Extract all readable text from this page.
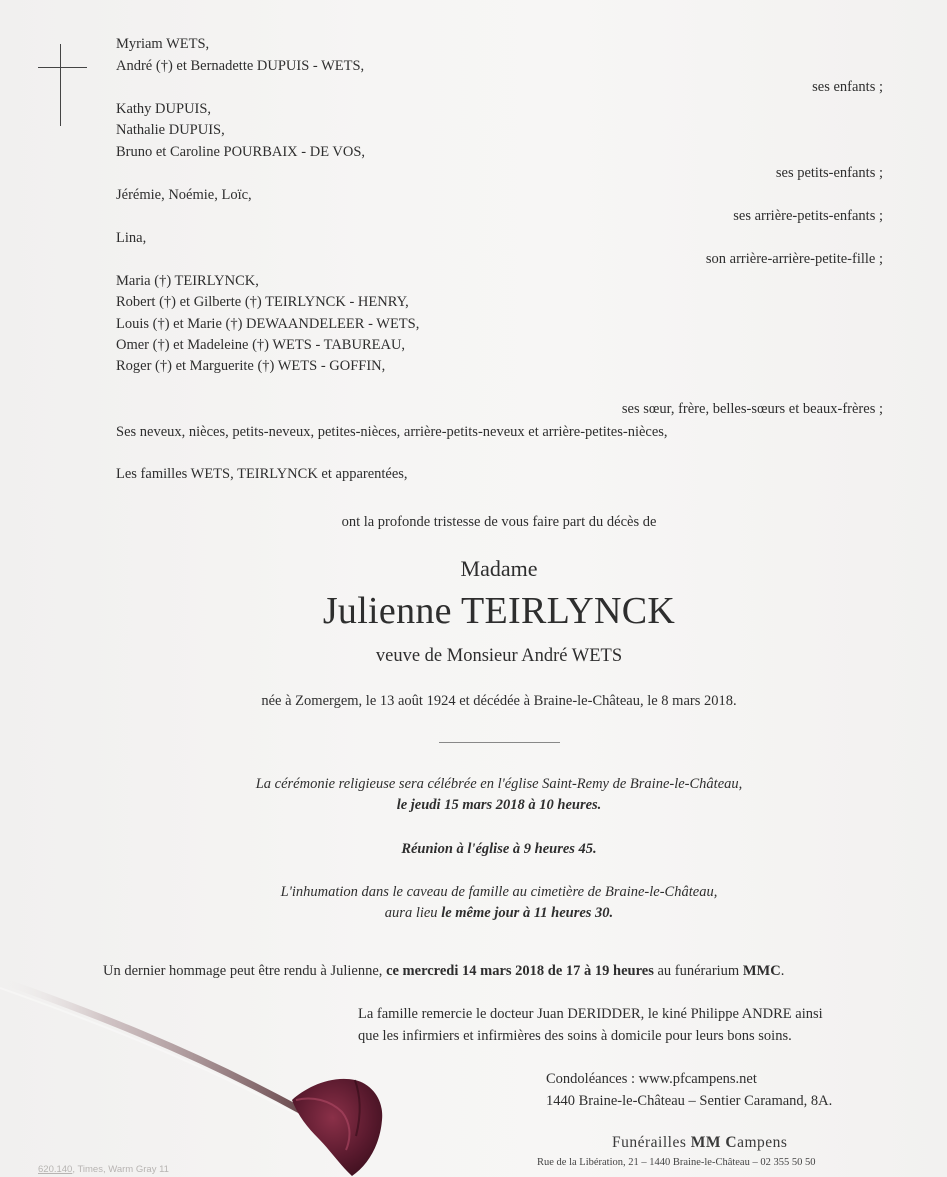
Myriam WETS,
André (†) et Bernadette DUPUIS - WETS,
ses enfants ;
Kathy DUPUIS,
Nathalie DUPUIS,
Bruno et Caroline POURBAIX - DE VOS,
ses petits-enfants ;
Jérémie, Noémie, Loïc,
ses arrière-petits-enfants ;
Lina,
son arrière-arrière-petite-fille ;
Maria (†) TEIRLYNCK,
Robert (†) et Gilberte (†) TEIRLYNCK - HENRY,
Louis (†) et Marie (†) DEWAANDELEER - WETS,
Omer (†) et Madeleine (†) WETS - TABUREAU,
Roger (†) et Marguerite (†) WETS - GOFFIN,
ses sœur, frère, belles-sœurs et beaux-frères ;
Ses neveux, nièces, petits-neveux, petites-nièces, arrière-petits-neveux et arrière-petites-nièces,
Les familles WETS, TEIRLYNCK et apparentées,
ont la profonde tristesse de vous faire part du décès de
Madame
Julienne TEIRLYNCK
veuve de Monsieur André WETS
née à Zomergem, le 13 août 1924 et décédée à Braine-le-Château, le 8 mars 2018.
La cérémonie religieuse sera célébrée en l'église Saint-Remy de Braine-le-Château,
le jeudi 15 mars 2018 à 10 heures.
Réunion à l'église à 9 heures 45.
L'inhumation dans le caveau de famille au cimetière de Braine-le-Château,
aura lieu le même jour à 11 heures 30.
Un dernier hommage peut être rendu à Julienne, ce mercredi 14 mars 2018 de 17 à 19 heures au funérarium MMC.
La famille remercie le docteur Juan DERIDDER, le kiné Philippe ANDRE ainsi
que les infirmiers et infirmières des soins à domicile pour leurs bons soins.
Condoléances : www.pfcampens.net
1440 Braine-le-Château – Sentier Caramand, 8A.
Funérailles MM Campens
Rue de la Libération, 21 – 1440 Braine-le-Château – 02 355 50 50
620.140, Times, Warm Gray 11
